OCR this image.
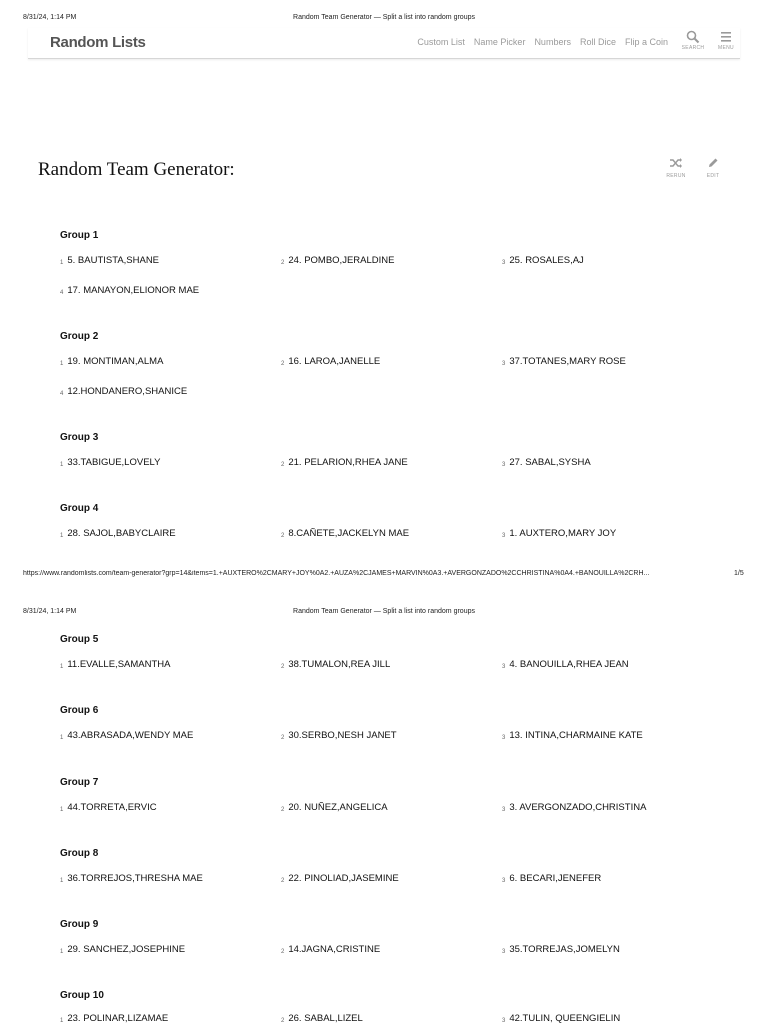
8/31/24, 1:14 PM	Random Team Generator — Split a list into random groups
Random Lists	Custom List Name Picker Numbers Roll Dice Flip a Coin
SEARCH	MENU
Random Team Generator:	RERUN	EDIT
Group 1
1 5. BAUTISTA,SHANE	2 24. POMBO,JERALDINE	3 25. ROSALES,AJ
4 17. MANAYON,ELIONOR MAE
Group 2
1 19. MONTIMAN,ALMA	2 16. LAROA,JANELLE	3 37.TOTANES,MARY ROSE
4 12.HONDANERO,SHANICE
Group 3
1 33.TABIGUE,LOVELY	2 21. PELARION,RHEA JANE	3 27. SABAL,SYSHA
Group 4
1 28. SAJOL,BABYCLAIRE	2 8.CAÑETE,JACKELYN MAE	3 1. AUXTERO,MARY JOY
https://www.randomlists.com/team-generator?grp=14&items=1.+AUXTERO%2CMARY+JOY%0A2.+AUZA%2CJAMES+MARVIN%0A3.+AVERGONZADO%2CCHRISTINA%0A4.+BANOUILLA%2CRH...	1/5
8/31/24, 1:14 PM	Random Team Generator — Split a list into random groups
Group 5
1 11.EVALLE,SAMANTHA	2 38.TUMALON,REA JILL	3 4. BANOUILLA,RHEA JEAN
Group 6
1 43.ABRASADA,WENDY MAE	2 30.SERBO,NESH JANET	3 13. INTINA,CHARMAINE KATE
Group 7
1 44.TORRETA,ERVIC	2 20. NUÑEZ,ANGELICA	3 3. AVERGONZADO,CHRISTINA
Group 8
1 36.TORREJOS,THRESHA MAE	2 22. PINOLIAD,JASEMINE	3 6. BECARI,JENEFER
Group 9
1 29. SANCHEZ,JOSEPHINE	2 14.JAGNA,CRISTINE	3 35.TORREJAS,JOMELYN
Group 10
1 23. POLINAR,LIZAMAE	2 26. SABAL,LIZEL	3 42.TULIN, QUEENGIELIN
